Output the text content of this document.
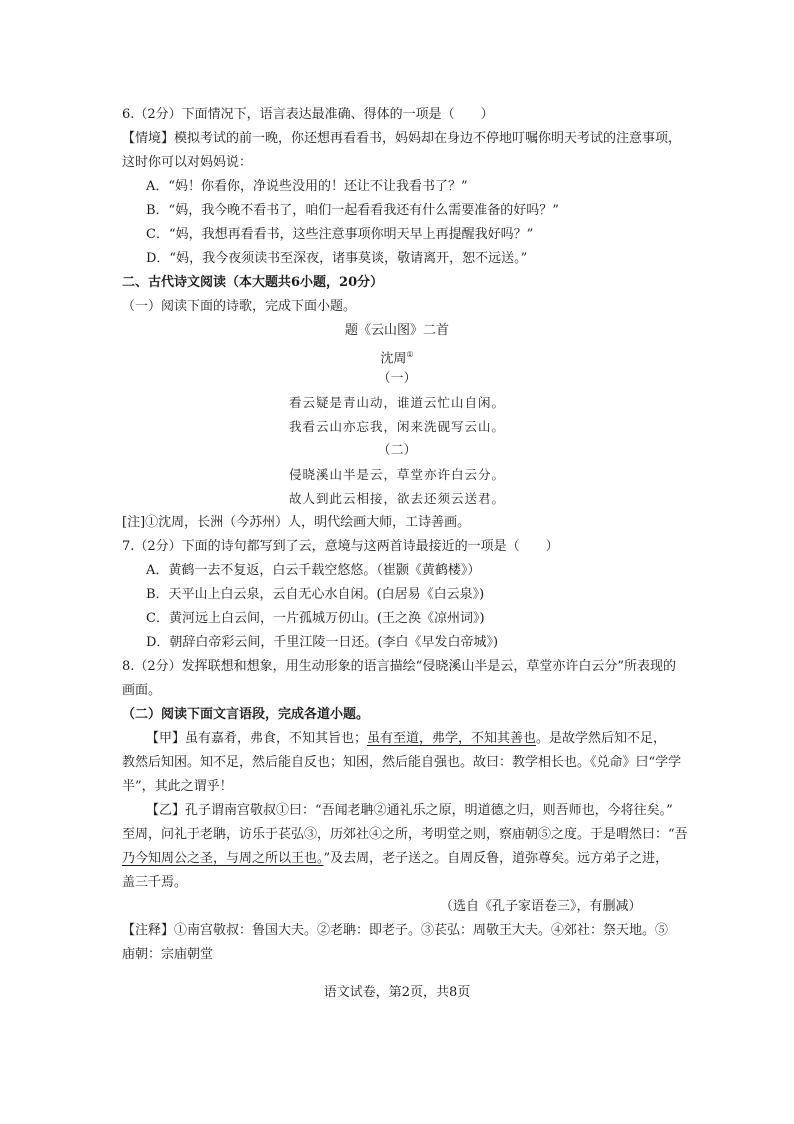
6.（2分）下面情况下，语言表达最准确、得体的一项是（　　）
【情境】模拟考试的前一晚，你还想再看看书，妈妈却在身边不停地叮嘱你明天考试的注意事项，
这时你可以对妈妈说：
A．“妈！你看你，净说些没用的！还让不让我看书了？”
B．“妈，我今晚不看书了，咱们一起看看我还有什么需要准备的好吗？”
C．“妈，我想再看看书，这些注意事项你明天早上再提醒我好吗？”
D．“妈，我今夜须读书至深夜，诸事莫谈，敬请离开，恕不远送。”
二、古代诗文阅读（本大题共6小题，20分）
（一）阅读下面的诗歌，完成下面小题。
题《云山图》二首
沈周①
（一）
看云疑是青山动，谁道云忙山自闲。
我看云山亦忘我，闲来洗砚写云山。
（二）
侵晓溪山半是云，草堂亦许白云分。
故人到此云相接，欲去还须云送君。
[注]①沈周，长洲（今苏州）人，明代绘画大师，工诗善画。
7.（2分）下面的诗句都写到了云，意境与这两首诗最接近的一项是（　　）
A．黄鹤一去不复返，白云千载空悠悠。（崔颢《黄鹤楼》）
B．天平山上白云泉，云自无心水自闲。(白居易《白云泉》)
C．黄河远上白云间，一片孤城万仞山。(王之涣《凉州词》)
D．朝辞白帝彩云间，千里江陵一日还。(李白《早发白帝城》)
8.（2分）发挥联想和想象，用生动形象的语言描绘“侵晓溪山半是云，草堂亦许白云分”所表现的
画面。
（二）阅读下面文言语段，完成各道小题。
【甲】虽有嘉肴，弗食，不知其旨也；虽有至道，弗学，不知其善也。是故学然后知不足，
教然后知困。知不足，然后能自反也；知困，然后能自强也。故曰：教学相长也。《兑命》曰“学学
半”，其此之谓乎！
【乙】孔子谓南宫敬叔①曰：“吾闻老聃②通礼乐之原，明道德之归，则吾师也，今将往矣。”
至周，问礼于老聃，访乐于苌弘③，历郊社④之所，考明堂之则，察庙朝⑤之度。于是喟然曰：“吾
乃今知周公之圣，与周之所以王也。”及去周，老子送之。自周反鲁，道弥尊矣。远方弟子之进，
盖三千焉。
（选自《孔子家语卷三》，有删减）
【注释】①南宫敬叔：鲁国大夫。②老聃：即老子。③苌弘：周敬王大夫。④郊社：祭天地。⑤
庙朝：宗庙朝堂
语文试卷，第2页，共8页
